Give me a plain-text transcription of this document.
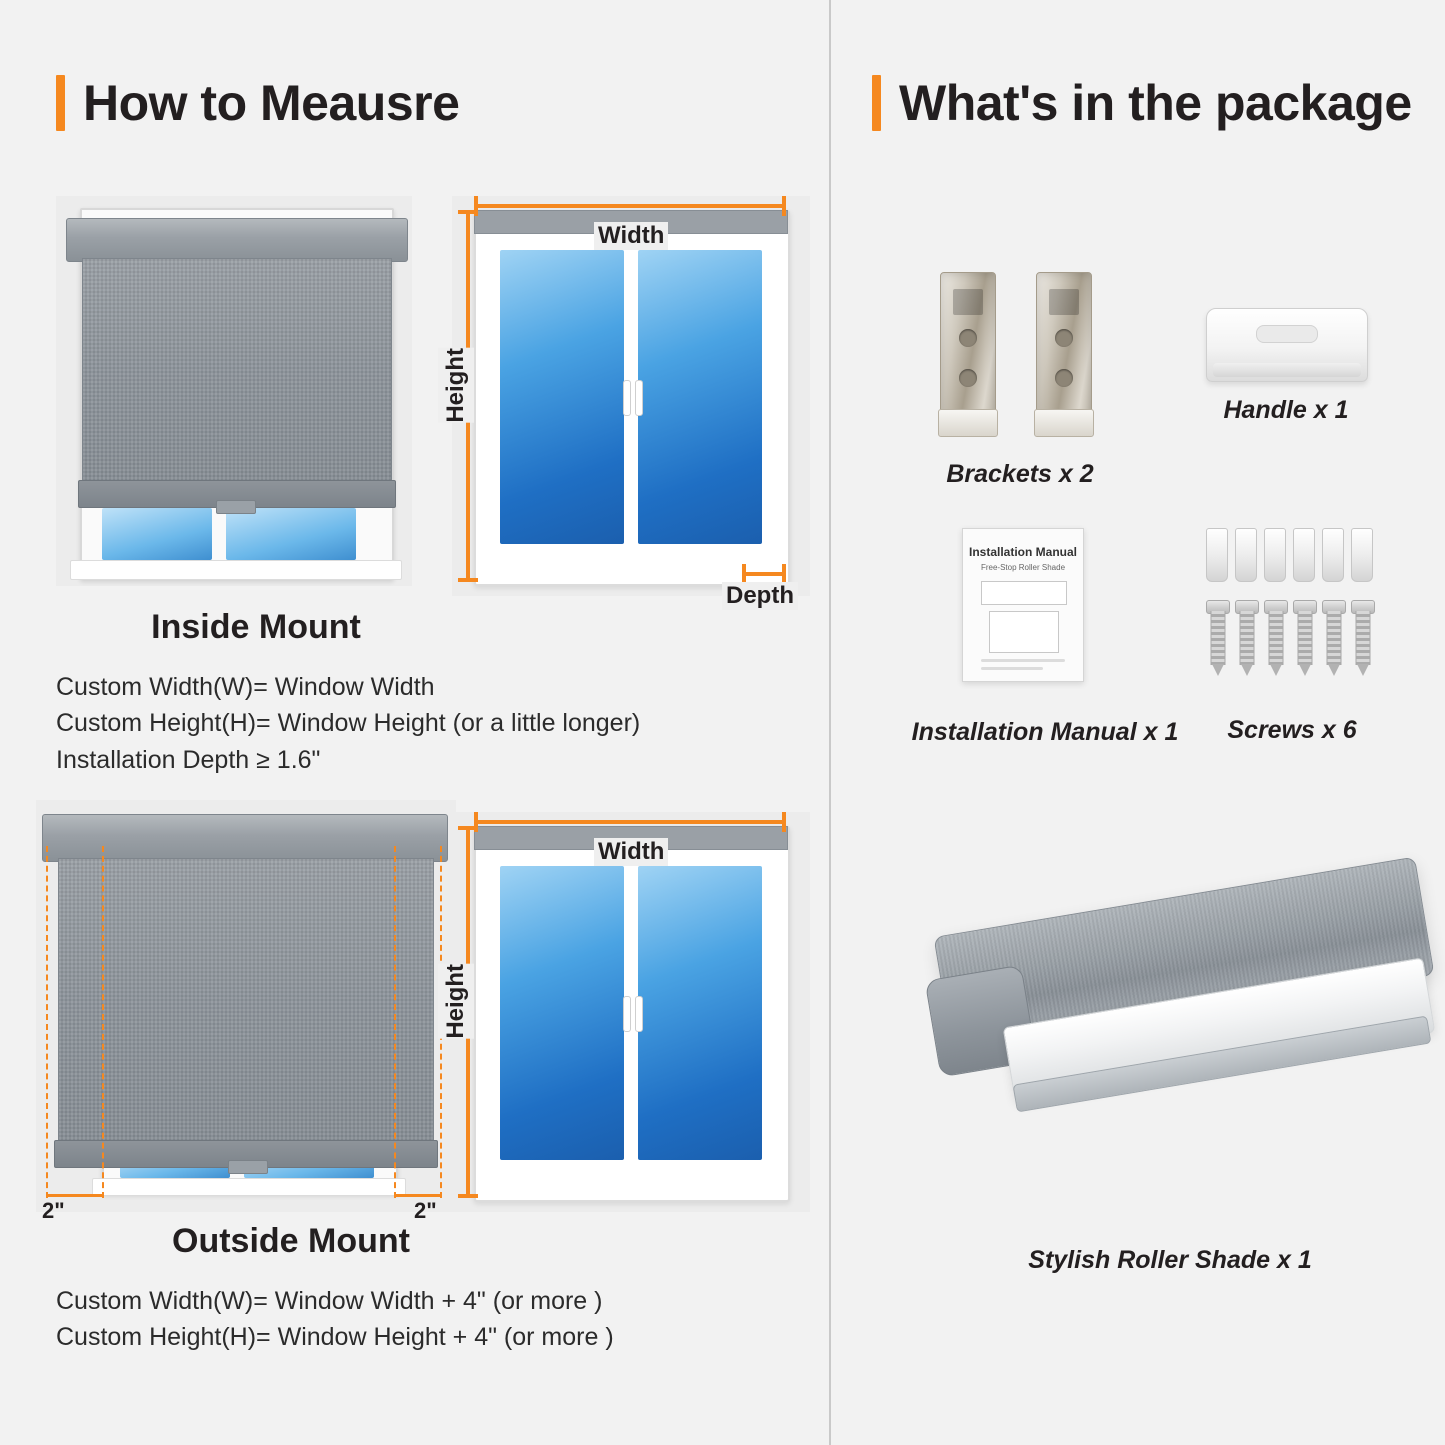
How to Meausre	What's in the package
Width
Height
Depth
Inside Mount
Custom Width(W)= Window Width
Custom Height(H)= Window Height (or a little longer)
Installation Depth ≥ 1.6"
2"	2"
Width
Height
Outside Mount
Custom Width(W)= Window Width + 4" (or more )
Custom Height(H)= Window Height + 4" (or more )
Brackets x 2
Handle x 1
Installation Manual
Free-Stop Roller Shade
Installation Manual x 1	Screws x 6
Stylish Roller Shade x 1
